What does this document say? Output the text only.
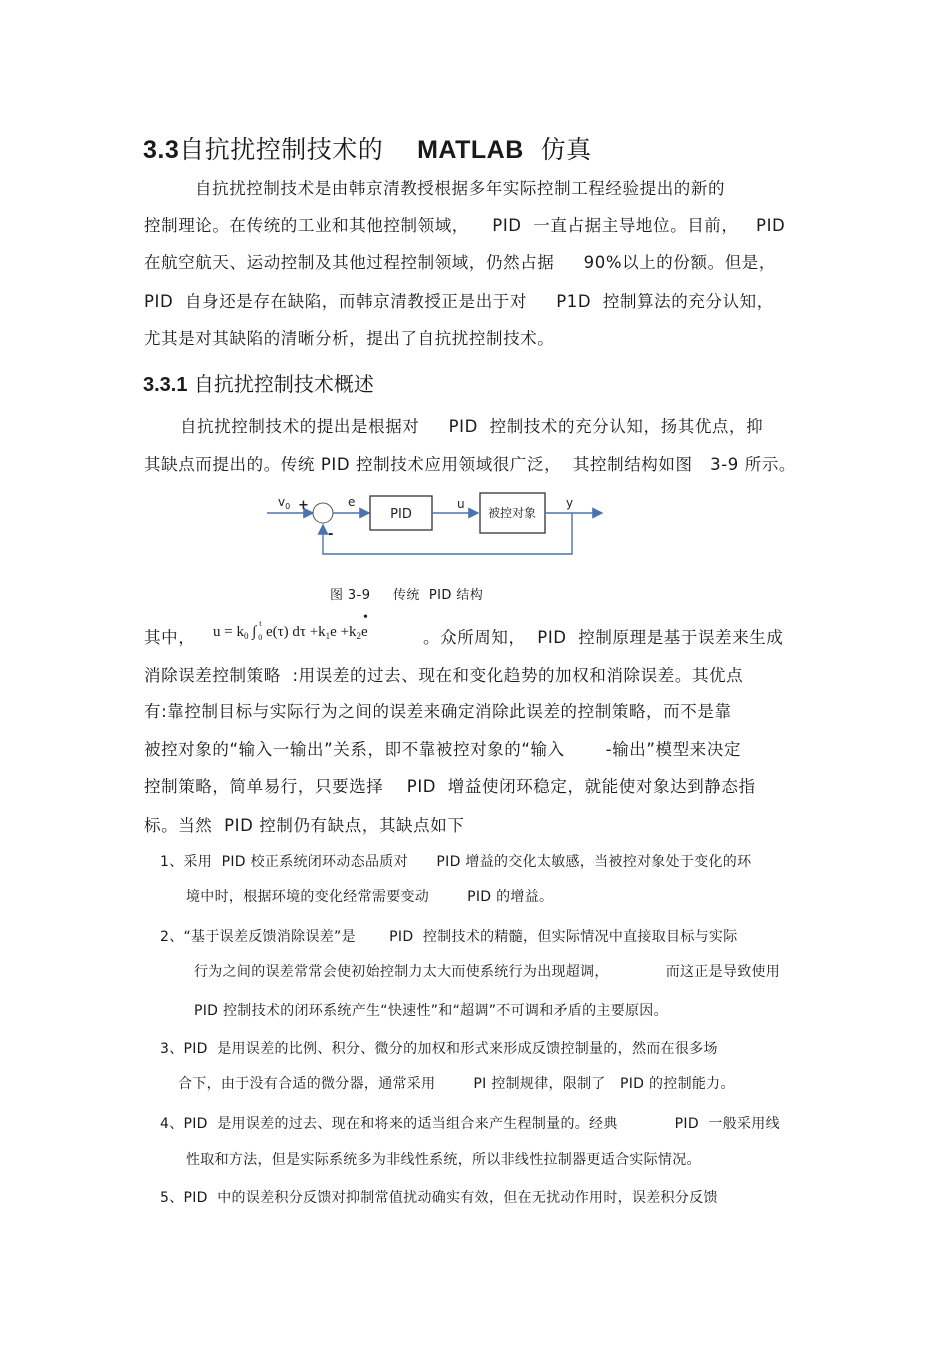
3.3自抗扰控制技术的 MATLAB 仿真
自抗扰控制技术是由韩京清教授根据多年实际控制工程经验提出的新的
控制理论。在传统的工业和其他控制领域，    PID  一直占据主导地位。目前，   PID
在航空航天、运动控制及其他过程控制领域，仍然占据     90%以上的份额。但是，
PID  自身还是存在缺陷，而韩京清教授正是出于对     P1D  控制算法的充分认知，
尤其是对其缺陷的清晰分析，提出了自抗扰控制技术。
3.3.1 自抗扰控制技术概述
自抗扰控制技术的提出是根据对     PID  控制技术的充分认知，扬其优点，抑
其缺点而提出的。传统 PID 控制技术应用领域很广泛，  其控制结构如图   3-9 所示。
$v_0$ +
-
e
PID
u
被控对象
y
图 3-9     传统  PID 结构
其中， $u = k_0$ ∫
t
0 e(τ) $d\tau +k_1e +k_2e$
•
。众所周知，  PID  控制原理是基于误差来生成
消除误差控制策略  :用误差的过去、现在和变化趋势的加权和消除误差。其优点
有:靠控制目标与实际行为之间的误差来确定消除此误差的控制策略，而不是靠
被控对象的“输入一输出”关系，即不靠被控对象的“输入       -输出”模型来决定
控制策略，简单易行，只要选择    PID  增益使闭环稳定，就能使对象达到静态指
标。当然  PID 控制仍有缺点，其缺点如下
1、采用  PID 校正系统闭环动态品质对      PID 增益的交化太敏感，当被控对象处于变化的环
境中时，根据环境的变化经常需要变动        PID 的增益。
2、“基于误差反馈消除误差”是       PID  控制技术的精髓，但实际情况中直接取目标与实际
行为之间的误差常常会使初始控制力太大而使系统行为出现超调，            而这正是导致使用
PID 控制技术的闭环系统产生“快速性”和“超调”不可调和矛盾的主要原因。
3、PID  是用误差的比例、积分、微分的加权和形式来形成反馈控制量的，然而在很多场
合下，由于没有合适的微分器，通常采用        PI 控制规律，限制了   PID 的控制能力。
4、PID  是用误差的过去、现在和将来的适当组合来产生程制量的。经典            PID  一般采用线
性取和方法，但是实际系统多为非线性系统，所以非线性拉制器更适合实际情况。
5、PID  中的误差积分反馈对抑制常值扰动确实有效，但在无扰动作用时，误差积分反馈
